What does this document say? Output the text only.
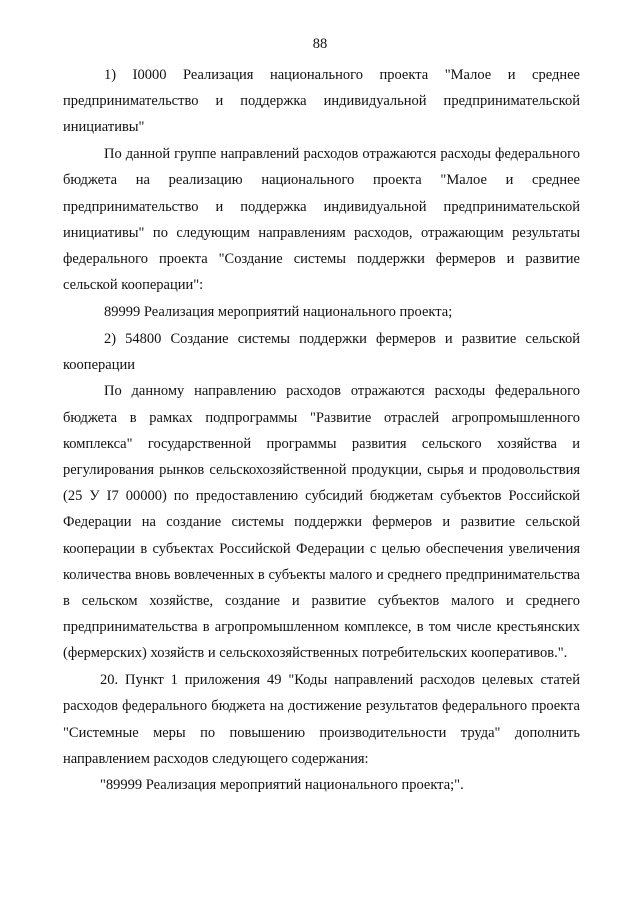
88

1) I0000 Реализация национального проекта "Малое и среднее предпринимательство и поддержка индивидуальной предпринимательской инициативы"

По данной группе направлений расходов отражаются расходы федерального бюджета на реализацию национального проекта "Малое и среднее предпринимательство и поддержка индивидуальной предпринимательской инициативы" по следующим направлениям расходов, отражающим результаты федерального проекта "Создание системы поддержки фермеров и развитие сельской кооперации":

89999 Реализация мероприятий национального проекта;

2) 54800 Создание системы поддержки фермеров и развитие сельской кооперации

По данному направлению расходов отражаются расходы федерального бюджета в рамках подпрограммы "Развитие отраслей агропромышленного комплекса" государственной программы развития сельского хозяйства и регулирования рынков сельскохозяйственной продукции, сырья и продовольствия (25 У I7 00000) по предоставлению субсидий бюджетам субъектов Российской Федерации на создание системы поддержки фермеров и развитие сельской кооперации в субъектах Российской Федерации с целью обеспечения увеличения количества вновь вовлеченных в субъекты малого и среднего предпринимательства в сельском хозяйстве, создание и развитие субъектов малого и среднего предпринимательства в агропромышленном комплексе, в том числе крестьянских (фермерских) хозяйств и сельскохозяйственных потребительских кооперативов.".

20. Пункт 1 приложения 49 "Коды направлений расходов целевых статей расходов федерального бюджета на достижение результатов федерального проекта "Системные меры по повышению производительности труда" дополнить направлением расходов следующего содержания:

"89999 Реализация мероприятий национального проекта;".
